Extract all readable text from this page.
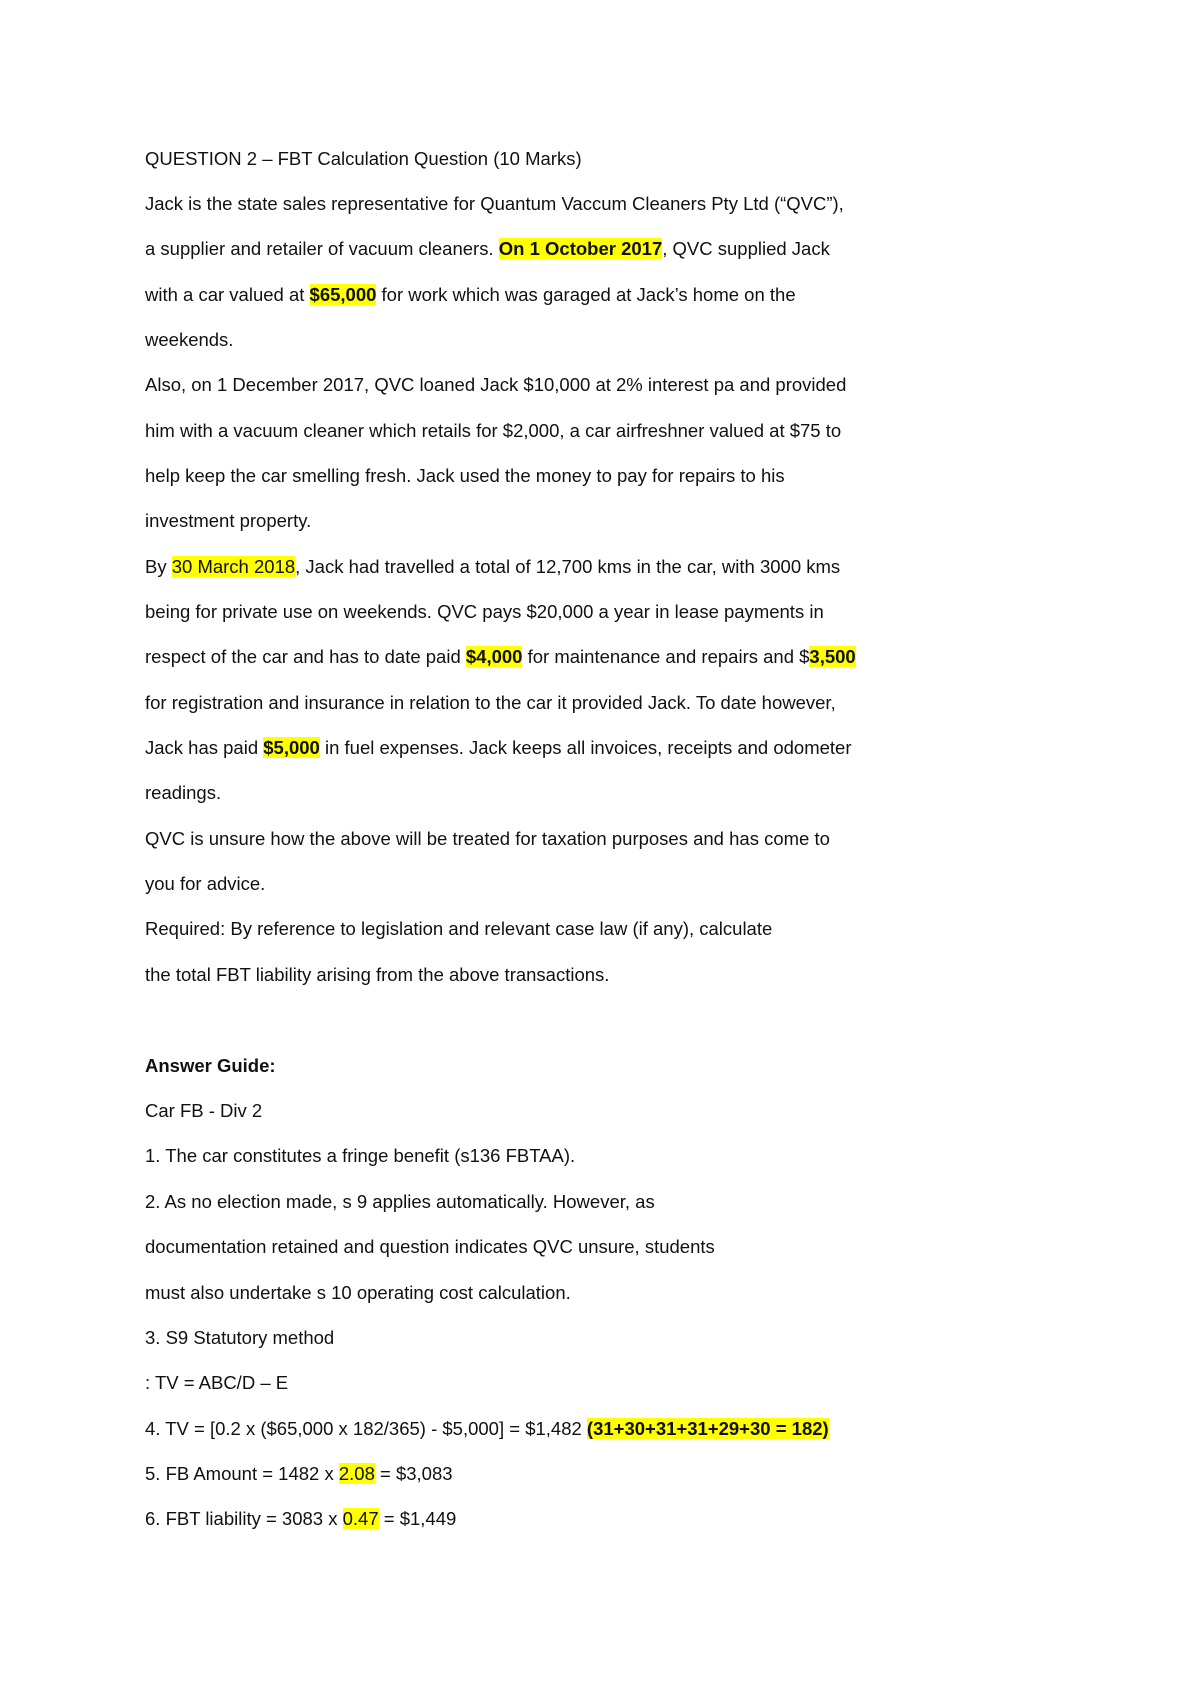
QUESTION 2 – FBT Calculation Question (10 Marks)

Jack is the state sales representative for Quantum Vaccum Cleaners Pty Ltd (“QVC”),

a supplier and retailer of vacuum cleaners. On 1 October 2017, QVC supplied Jack

with a car valued at $65,000 for work which was garaged at Jack’s home on the

weekends.

Also, on 1 December 2017, QVC loaned Jack $10,000 at 2% interest pa and provided

him with a vacuum cleaner which retails for $2,000, a car airfreshner valued at $75 to

help keep the car smelling fresh. Jack used the money to pay for repairs to his

investment property.

By 30 March 2018, Jack had travelled a total of 12,700 kms in the car, with 3000 kms

being for private use on weekends. QVC pays $20,000 a year in lease payments in

respect of the car and has to date paid $4,000 for maintenance and repairs and $3,500

for registration and insurance in relation to the car it provided Jack. To date however,

Jack has paid $5,000 in fuel expenses. Jack keeps all invoices, receipts and odometer

readings.

QVC is unsure how the above will be treated for taxation purposes and has come to

you for advice.

Required: By reference to legislation and relevant case law (if any), calculate

the total FBT liability arising from the above transactions.

Answer Guide:

Car FB - Div 2

1. The car constitutes a fringe benefit (s136 FBTAA).

2. As no election made, s 9 applies automatically. However, as

documentation retained and question indicates QVC unsure, students

must also undertake s 10 operating cost calculation.

3. S9 Statutory method

: TV = ABC/D – E

4. TV = [0.2 x ($65,000 x 182/365) - $5,000] = $1,482 (31+30+31+31+29+30 = 182)

5. FB Amount = 1482 x 2.08 = $3,083

6. FBT liability = 3083 x 0.47 = $1,449
